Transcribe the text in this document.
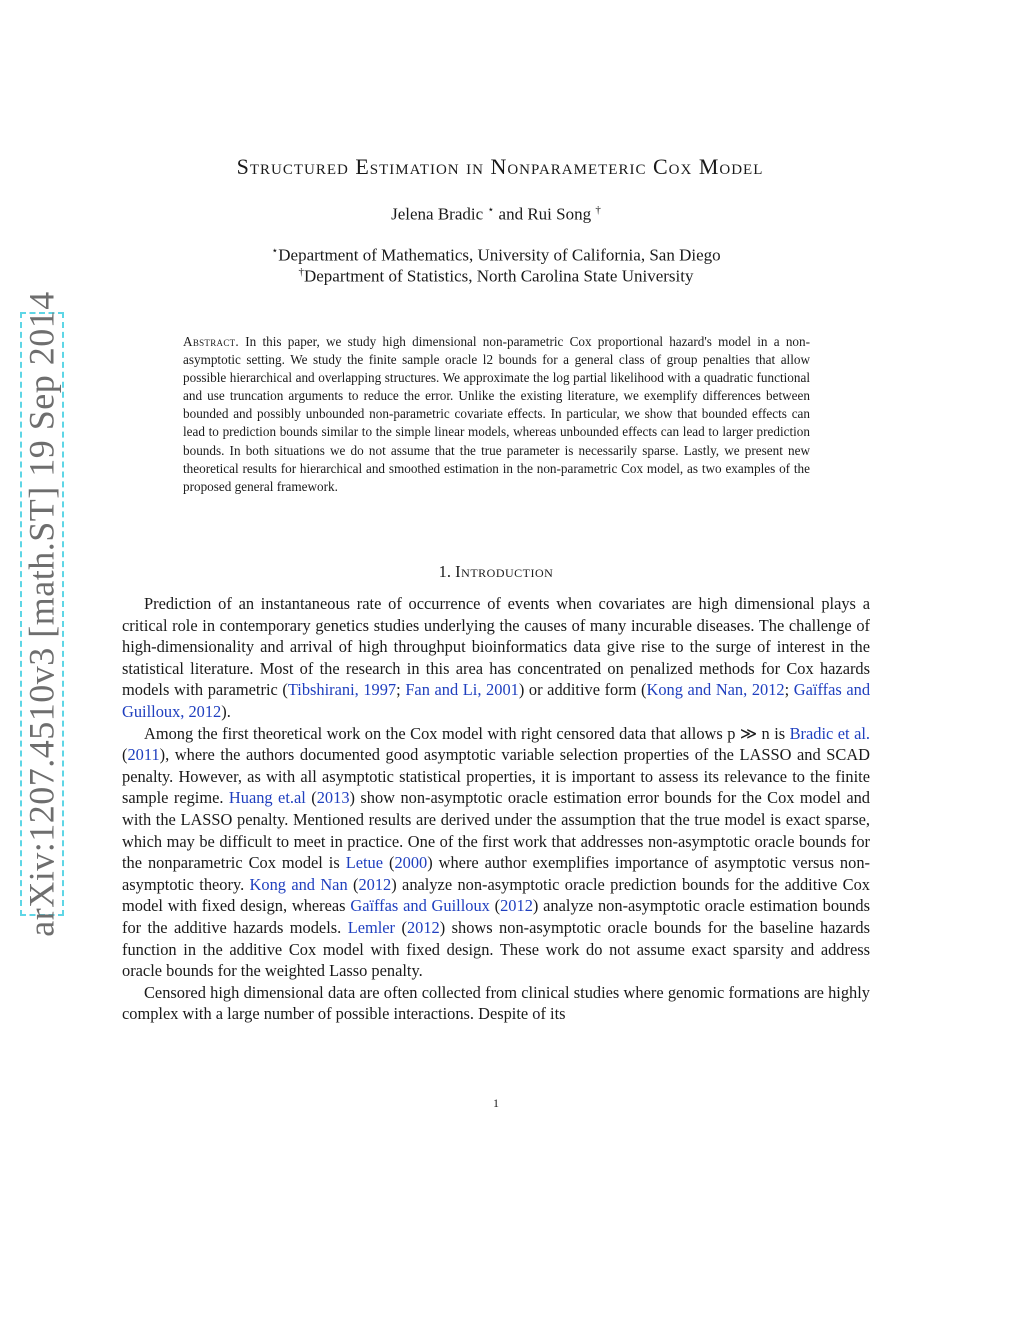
arXiv:1207.4510v3 [math.ST] 19 Sep 2014
Structured Estimation in Nonparameteric Cox Model
Jelena Bradic ⋆ and Rui Song †
⋆Department of Mathematics, University of California, San Diego
†Department of Statistics, North Carolina State University
Abstract. In this paper, we study high dimensional non-parametric Cox proportional hazard's model in a non-asymptotic setting. We study the finite sample oracle l2 bounds for a general class of group penalties that allow possible hierarchical and overlapping structures. We approximate the log partial likelihood with a quadratic functional and use truncation arguments to reduce the error. Unlike the existing literature, we exemplify differences between bounded and possibly unbounded non-parametric covariate effects. In particular, we show that bounded effects can lead to prediction bounds similar to the simple linear models, whereas unbounded effects can lead to larger prediction bounds. In both situations we do not assume that the true parameter is necessarily sparse. Lastly, we present new theoretical results for hierarchical and smoothed estimation in the non-parametric Cox model, as two examples of the proposed general framework.
1. Introduction

Prediction of an instantaneous rate of occurrence of events when covariates are high dimensional plays a critical role in contemporary genetics studies underlying the causes of many incurable diseases. The challenge of high-dimensionality and arrival of high throughput bioinformatics data give rise to the surge of interest in the statistical literature. Most of the research in this area has concentrated on penalized methods for Cox hazards models with parametric (Tibshirani, 1997; Fan and Li, 2001) or additive form (Kong and Nan, 2012; Gaïffas and Guilloux, 2012).

Among the first theoretical work on the Cox model with right censored data that allows p ≫ n is Bradic et al. (2011), where the authors documented good asymptotic variable selection properties of the LASSO and SCAD penalty. However, as with all asymptotic statistical properties, it is important to assess its relevance to the finite sample regime. Huang et.al (2013) show non-asymptotic oracle estimation error bounds for the Cox model and with the LASSO penalty. Mentioned results are derived under the assumption that the true model is exact sparse, which may be difficult to meet in practice. One of the first work that addresses non-asymptotic oracle bounds for the nonparametric Cox model is Letue (2000) where author exemplifies importance of asymptotic versus non-asymptotic theory. Kong and Nan (2012) analyze non-asymptotic oracle prediction bounds for the additive Cox model with fixed design, whereas Gaïffas and Guilloux (2012) analyze non-asymptotic oracle estimation bounds for the additive hazards models. Lemler (2012) shows non-asymptotic oracle bounds for the baseline hazards function in the additive Cox model with fixed design. These work do not assume exact sparsity and address oracle bounds for the weighted Lasso penalty.

Censored high dimensional data are often collected from clinical studies where genomic formations are highly complex with a large number of possible interactions. Despite of its

1
